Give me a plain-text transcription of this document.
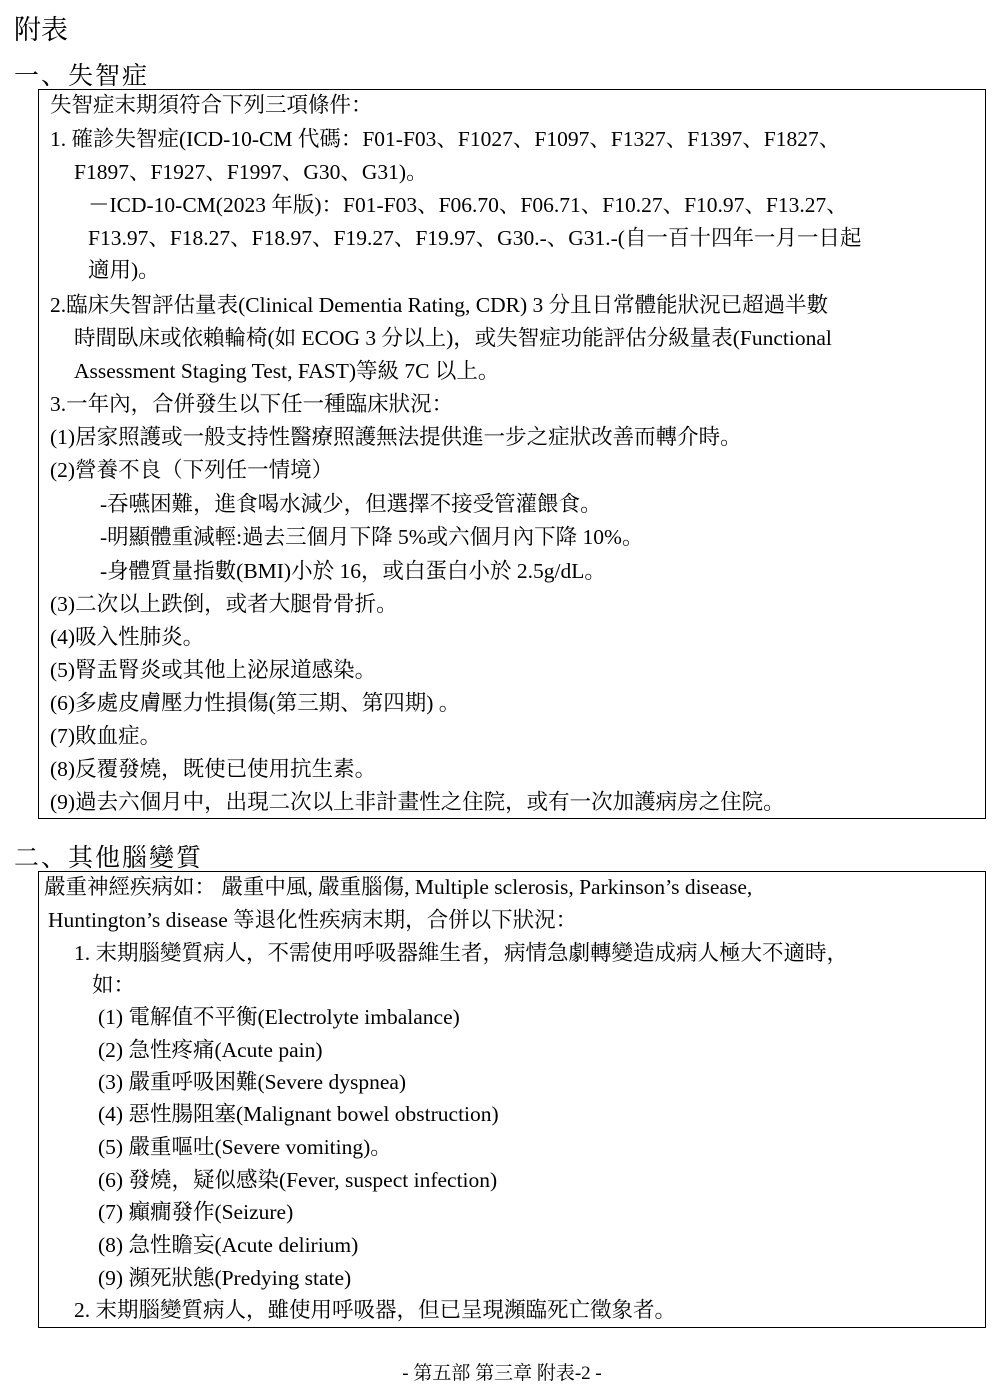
附表
一、失智症
失智症末期須符合下列三項條件：
1. 確診失智症(ICD-10-CM 代碼：F01-F03、F1027、F1097、F1327、F1397、F1827、
F1897、F1927、F1997、G30、G31)。
－ICD-10-CM(2023 年版)：F01-F03、F06.70、F06.71、F10.27、F10.97、F13.27、
F13.97、F18.27、F18.97、F19.27、F19.97、G30.-、G31.-(自一百十四年一月一日起
適用)。
2.臨床失智評估量表(Clinical Dementia Rating, CDR) 3 分且日常體能狀況已超過半數
時間臥床或依賴輪椅(如 ECOG 3 分以上)，或失智症功能評估分級量表(Functional
Assessment Staging Test, FAST)等級 7C 以上。
3.一年內，合併發生以下任一種臨床狀況：
(1)居家照護或一般支持性醫療照護無法提供進一步之症狀改善而轉介時。
(2)營養不良（下列任一情境）
-吞嚥困難，進食喝水減少，但選擇不接受管灌餵食。
-明顯體重減輕:過去三個月下降 5%或六個月內下降 10%。
-身體質量指數(BMI)小於 16，或白蛋白小於 2.5g/dL。
(3)二次以上跌倒，或者大腿骨骨折。
(4)吸入性肺炎。
(5)腎盂腎炎或其他上泌尿道感染。
(6)多處皮膚壓力性損傷(第三期、第四期) 。
(7)敗血症。
(8)反覆發燒，既使已使用抗生素。
(9)過去六個月中，出現二次以上非計畫性之住院，或有一次加護病房之住院。
二、其他腦變質
嚴重神經疾病如： 嚴重中風, 嚴重腦傷, Multiple sclerosis, Parkinson’s disease,
Huntington’s disease 等退化性疾病末期，合併以下狀況：
1. 末期腦變質病人，不需使用呼吸器維生者，病情急劇轉變造成病人極大不適時，
如：
(1) 電解值不平衡(Electrolyte imbalance)
(2) 急性疼痛(Acute pain)
(3) 嚴重呼吸困難(Severe dyspnea)
(4) 惡性腸阻塞(Malignant bowel obstruction)
(5) 嚴重嘔吐(Severe vomiting)。
(6) 發燒，疑似感染(Fever, suspect infection)
(7) 癲癇發作(Seizure)
(8) 急性瞻妄(Acute delirium)
(9) 瀕死狀態(Predying state)
2. 末期腦變質病人，雖使用呼吸器，但已呈現瀕臨死亡徵象者。
- 第五部 第三章 附表-2 -
